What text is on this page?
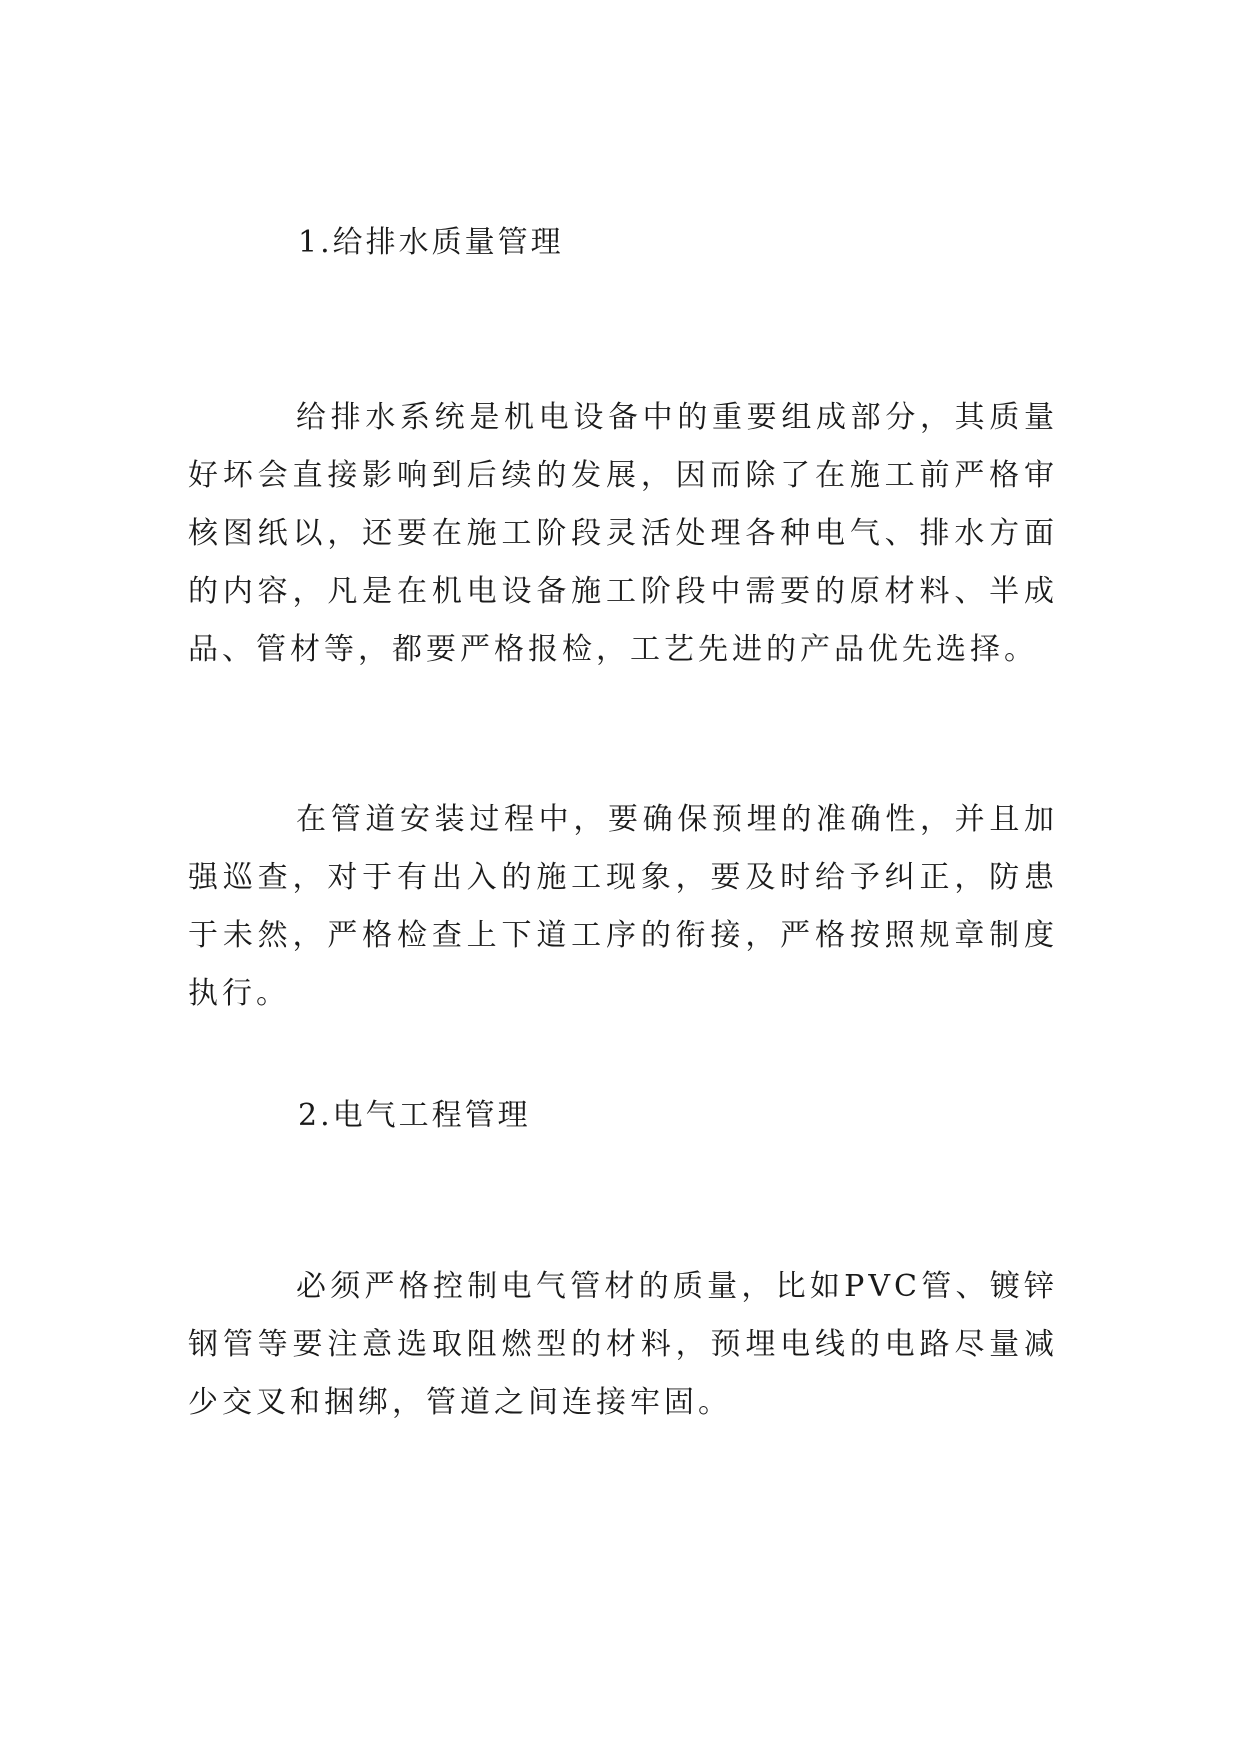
1.给排水质量管理

给排水系统是机电设备中的重要组成部分，其质量好坏会直接影响到后续的发展，因而除了在施工前严格审核图纸以，还要在施工阶段灵活处理各种电气、排水方面的内容，凡是在机电设备施工阶段中需要的原材料、半成品、管材等，都要严格报检，工艺先进的产品优先选择。

在管道安装过程中，要确保预埋的准确性，并且加强巡查，对于有出入的施工现象，要及时给予纠正，防患于未然，严格检查上下道工序的衔接，严格按照规章制度执行。

2.电气工程管理

必须严格控制电气管材的质量，比如PVC管、镀锌钢管等要注意选取阻燃型的材料，预埋电线的电路尽量减少交叉和捆绑，管道之间连接牢固。
